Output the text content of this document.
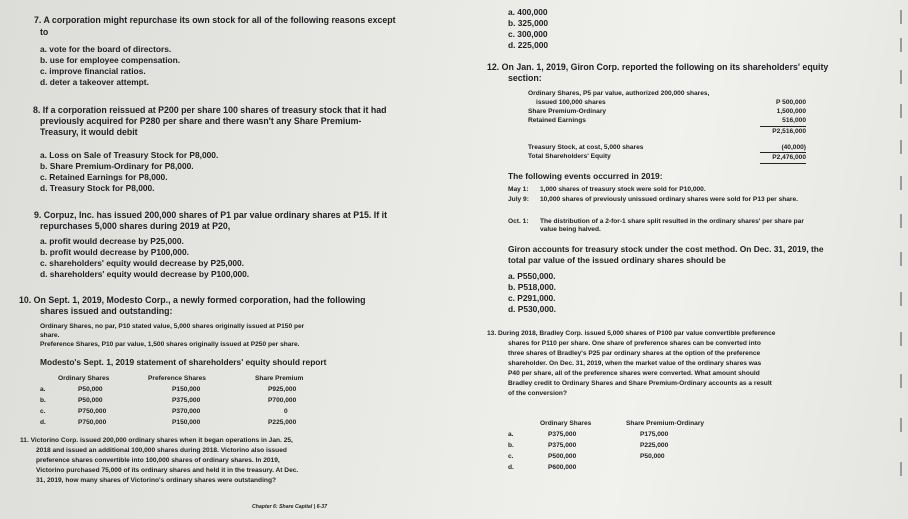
7. A corporation might repurchase its own stock for all of the following reasons except
to
a. vote for the board of directors.
b. use for employee compensation.
c. improve financial ratios.
d. deter a takeover attempt.
8. If a corporation reissued at P200 per share 100 shares of treasury stock that it had
previously acquired for P280 per share and there wasn't any Share Premium-
Treasury, it would debit
a. Loss on Sale of Treasury Stock for P8,000.
b. Share Premium-Ordinary for P8,000.
c. Retained Earnings for P8,000.
d. Treasury Stock for P8,000.
9. Corpuz, Inc. has issued 200,000 shares of P1 par value ordinary shares at P15. If it
repurchases 5,000 shares during 2019 at P20,
a. profit would decrease by P25,000.
b. profit would decrease by P100,000.
c. shareholders' equity would decrease by P25,000.
d. shareholders' equity would decrease by P100,000.
10. On Sept. 1, 2019, Modesto Corp., a newly formed corporation, had the following
shares issued and outstanding:
Ordinary Shares, no par, P10 stated value, 5,000 shares originally issued at P150 per
share.
Preference Shares, P10 par value, 1,500 shares originally issued at P250 per share.
Modesto's Sept. 1, 2019 statement of shareholders' equity should report
Ordinary Shares	Preference Shares	Share Premium
a.	P50,000	P150,000	P925,000
b.	P50,000	P375,000	P700,000
c.	P750,000	P370,000	0
d.	P750,000	P150,000	P225,000
11. Victorino Corp. issued 200,000 ordinary shares when it began operations in Jan. 25,
2018 and issued an additional 100,000 shares during 2018. Victorino also issued
preference shares convertible into 100,000 shares of ordinary shares. In 2019,
Victorino purchased 75,000 of its ordinary shares and held it in the treasury. At Dec.
31, 2019, how many shares of Victorino's ordinary shares were outstanding?
Chapter 6: Share Capital | 6-37
a. 400,000
b. 325,000
c. 300,000
d. 225,000
12. On Jan. 1, 2019, Giron Corp. reported the following on its shareholders' equity
section:
Ordinary Shares, P5 par value, authorized 200,000 shares,
issued 100,000 shares	P 500,000
Share Premium-Ordinary	1,500,000
Retained Earnings	516,000
P2,516,000
Treasury Stock, at cost, 5,000 shares	(40,000)
Total Shareholders' Equity	P2,476,000
The following events occurred in 2019:
May 1: 1,000 shares of treasury stock were sold for P10,000.
July 9: 10,000 shares of previously unissued ordinary shares were sold for P13 per share.
Oct. 1: The distribution of a 2-for-1 share split resulted in the ordinary shares' per share par value being halved.
Giron accounts for treasury stock under the cost method. On Dec. 31, 2019, the
total par value of the issued ordinary shares should be
a. P550,000.
b. P518,000.
c. P291,000.
d. P530,000.
13. During 2018, Bradley Corp. issued 5,000 shares of P100 par value convertible preference
shares for P110 per share. One share of preference shares can be converted into
three shares of Bradley's P25 par ordinary shares at the option of the preference
shareholder. On Dec. 31, 2019, when the market value of the ordinary shares was
P40 per share, all of the preference shares were converted. What amount should
Bradley credit to Ordinary Shares and Share Premium-Ordinary accounts as a result
of the conversion?
Ordinary Shares	Share Premium-Ordinary
a.	P375,000	P175,000
b.	P375,000	P225,000
c.	P500,000	P50,000
d.	P600,000
